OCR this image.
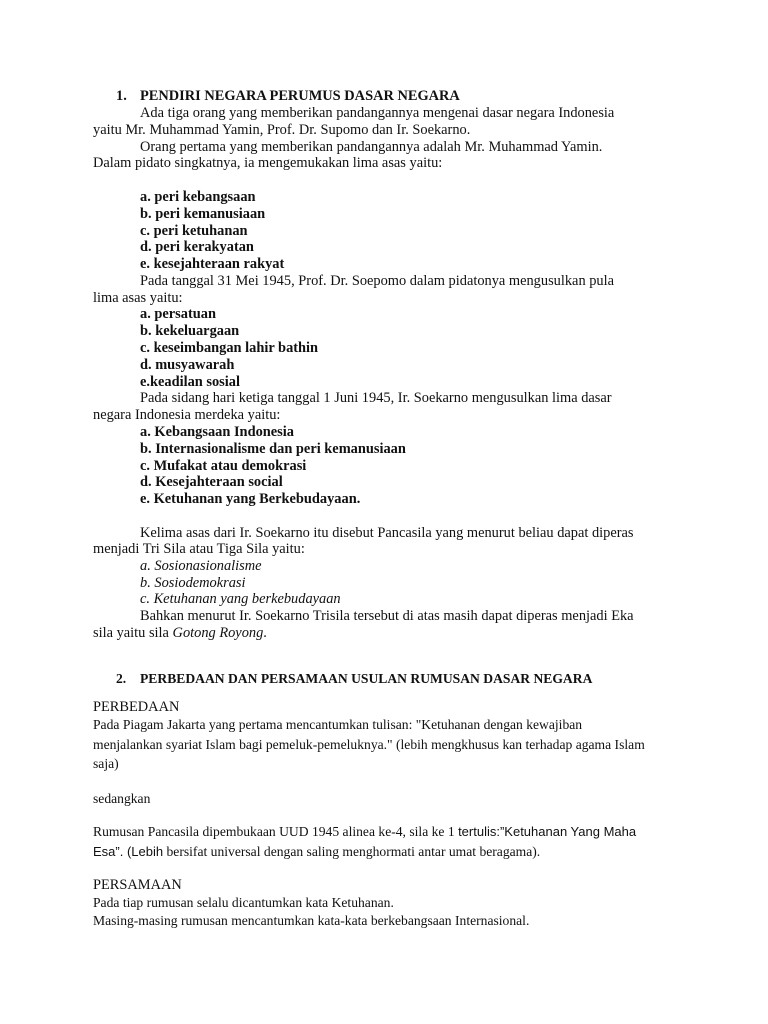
1. PENDIRI NEGARA PERUMUS DASAR NEGARA
Ada tiga orang yang memberikan pandangannya mengenai dasar negara Indonesia
yaitu Mr. Muhammad Yamin, Prof. Dr. Supomo dan Ir. Soekarno.
Orang pertama yang memberikan pandangannya adalah Mr. Muhammad Yamin.
Dalam pidato singkatnya, ia mengemukakan lima asas yaitu:
a. peri kebangsaan
b. peri kemanusiaan
c. peri ketuhanan
d. peri kerakyatan
e. kesejahteraan rakyat
Pada tanggal 31 Mei 1945, Prof. Dr. Soepomo dalam pidatonya mengusulkan pula
lima asas yaitu:
a. persatuan
b. kekeluargaan
c. keseimbangan lahir bathin
d. musyawarah
e.keadilan sosial
Pada sidang hari ketiga tanggal 1 Juni 1945, Ir. Soekarno mengusulkan lima dasar
negara Indonesia merdeka yaitu:
a. Kebangsaan Indonesia
b. Internasionalisme dan peri kemanusiaan
c. Mufakat atau demokrasi
d. Kesejahteraan social
e. Ketuhanan yang Berkebudayaan.
Kelima asas dari Ir. Soekarno itu disebut Pancasila yang menurut beliau dapat diperas
menjadi Tri Sila atau Tiga Sila yaitu:
a. Sosionasionalisme
b. Sosiodemokrasi
c. Ketuhanan yang berkebudayaan
Bahkan menurut Ir. Soekarno Trisila tersebut di atas masih dapat diperas menjadi Eka
sila yaitu sila Gotong Royong.
2. PERBEDAAN DAN PERSAMAAN USULAN RUMUSAN DASAR NEGARA
PERBEDAAN
Pada Piagam Jakarta yang pertama mencantumkan tulisan: "Ketuhanan dengan kewajiban
menjalankan syariat Islam bagi pemeluk-pemeluknya." (lebih mengkhusus kan terhadap agama Islam
saja)
sedangkan
Rumusan Pancasila dipembukaan UUD 1945 alinea ke-4, sila ke 1 tertulis:”Ketuhanan Yang Maha
Esa”. (Lebih bersifat universal dengan saling menghormati antar umat beragama).
PERSAMAAN
Pada tiap rumusan selalu dicantumkan kata Ketuhanan.
Masing-masing rumusan mencantumkan kata-kata berkebangsaan Internasional.
